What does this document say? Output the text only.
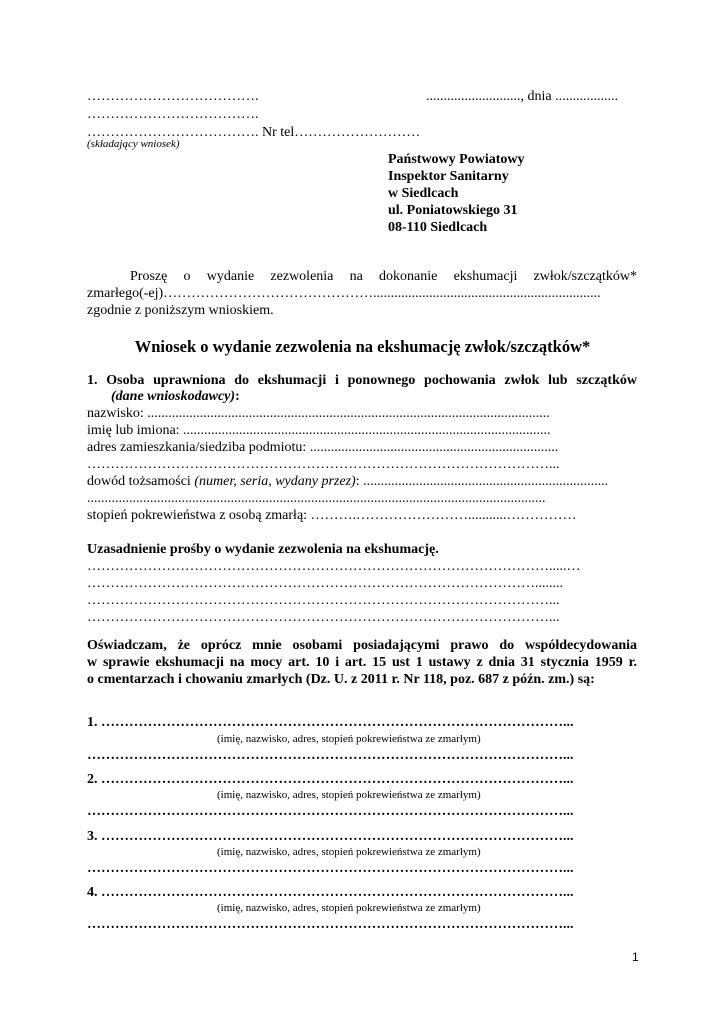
……………………………….	..........................., dnia ..................
……………………………….
………………………………. Nr tel………………………
(składający wniosek)
Państwowy Powiatowy
Inspektor Sanitarny
w Siedlcach
ul. Poniatowskiego 31
08-110 Siedlcach
Proszę o wydanie zezwolenia na dokonanie ekshumacji zwłok/szczątków*
zmarłego(-ej)……………………………………….................................................................
zgodnie z poniższym wnioskiem.
Wniosek o wydanie zezwolenia na ekshumację zwłok/szczątków*
1. Osoba uprawniona do ekshumacji i ponownego pochowania zwłok lub szczątków
(dane wnioskodawcy):
nazwisko: ...................................................................................................................
imię lub imiona: .........................................................................................................
adres zamieszkania/siedziba podmiotu: .......................................................................
………………………………………………………………………………………...
dowód tożsamości (numer, seria, wydany przez): ......................................................................
...................................................................................................................................
stopień pokrewieństwa z osobą zmarłą: ……….……………………...........……………
Uzasadnienie prośby o wydanie zezwolenia na ekshumację.
……………………………………………………………………………………….....…
……………………………………………………………………………………........
………………………………………………………………………………………...
………………………………………………………………………………………...
Oświadczam, że oprócz mnie osobami posiadającymi prawo do współdecydowania
w sprawie ekshumacji na mocy art. 10 i art. 15 ust 1 ustawy z dnia 31 stycznia 1959 r.
o cmentarzach i chowaniu zmarłych (Dz. U. z 2011 r. Nr 118, poz. 687 z późn. zm.) są:
1. ………………………………………………………………………………………...
(imię, nazwisko, adres, stopień pokrewieństwa ze zmarłym)
…………………………………………………………………………………………...
2. ………………………………………………………………………………………...
(imię, nazwisko, adres, stopień pokrewieństwa ze zmarłym)
…………………………………………………………………………………………...
3. ………………………………………………………………………………………...
(imię, nazwisko, adres, stopień pokrewieństwa ze zmarłym)
…………………………………………………………………………………………...
4. ………………………………………………………………………………………...
(imię, nazwisko, adres, stopień pokrewieństwa ze zmarłym)
…………………………………………………………………………………………...
1
